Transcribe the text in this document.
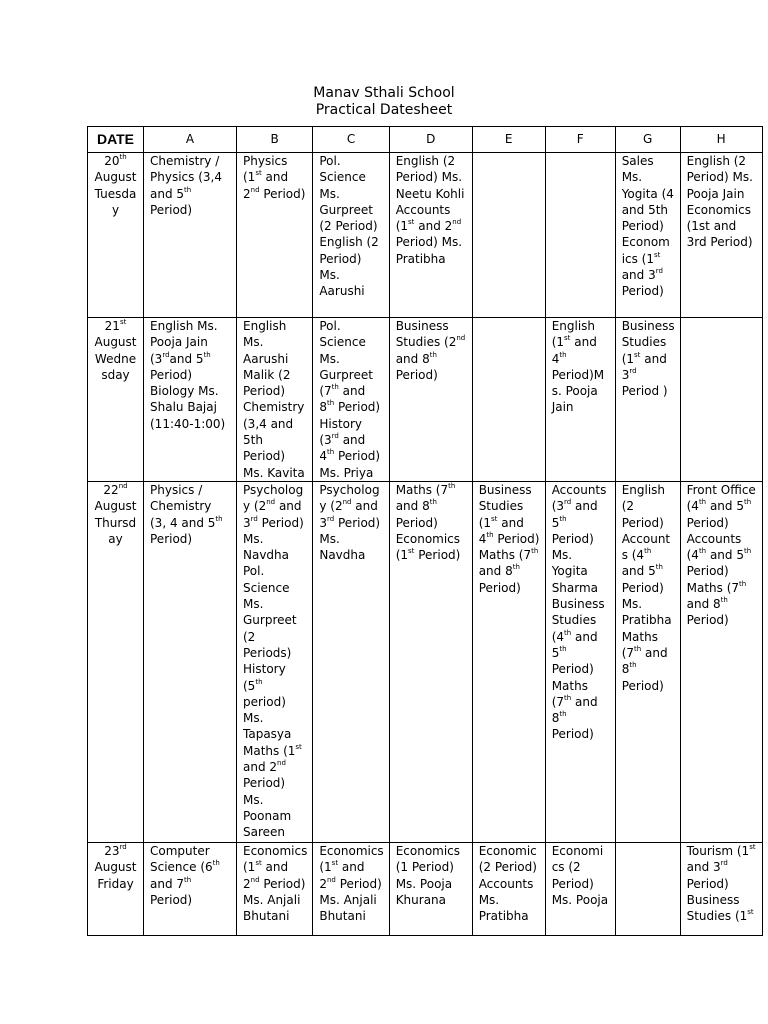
Manav Sthali School
Practical Datesheet
DATE	A	B	C	D	E	F	G	H
20th August Tuesda y	Chemistry / Physics (3,4 and 5th Period)	Physics (1st and 2nd Period)	Pol. Science Ms. Gurpreet (2 Period) English (2 Period) Ms. Aarushi	English (2 Period) Ms. Neetu Kohli Accounts (1st and 2nd Period) Ms. Pratibha			Sales Ms. Yogita (4 and 5th Period) Econom ics (1st and 3rd Period)	English (2 Period) Ms. Pooja Jain Economics (1st and 3rd Period)
21st August Wedne sday	English Ms. Pooja Jain (3rdand 5th Period) Biology Ms. Shalu Bajaj (11:40-1:00)	English Ms. Aarushi Malik (2 Period) Chemistry (3,4 and 5th Period) Ms. Kavita	Pol. Science Ms. Gurpreet (7th and 8th Period) History (3rd and 4th Period) Ms. Priya	Business Studies (2nd and 8th Period)		English (1st and 4th Period)M s. Pooja Jain	Business Studies (1st and 3rd Period )	
22nd August Thursd ay	Physics / Chemistry (3, 4 and 5th Period)	Psycholog y (2nd and 3rd Period) Ms. Navdha Pol. Science Ms. Gurpreet (2 Periods) History (5th period) Ms. Tapasya Maths (1st and 2nd Period) Ms. Poonam Sareen	Psycholog y (2nd and 3rd Period) Ms. Navdha	Maths (7th and 8th Period) Economics (1st Period)	Business Studies (1st and 4th Period) Maths (7th and 8th Period)	Accounts (3rd and 5th Period) Ms. Yogita Sharma Business Studies (4th and 5th Period) Maths (7th and 8th Period)	English (2 Period) Account s (4th and 5th Period) Ms. Pratibha Maths (7th and 8th Period)	Front Office (4th and 5th Period) Accounts (4th and 5th Period) Maths (7th and 8th Period)
23rd August Friday	Computer Science (6th and 7th Period)	Economics (1st and 2nd Period) Ms. Anjali Bhutani	Economics (1st and 2nd Period) Ms. Anjali Bhutani	Economics (1 Period) Ms. Pooja Khurana	Economic (2 Period) Accounts Ms. Pratibha	Economi cs (2 Period) Ms. Pooja		Tourism (1st and 3rd Period) Business Studies (1st
